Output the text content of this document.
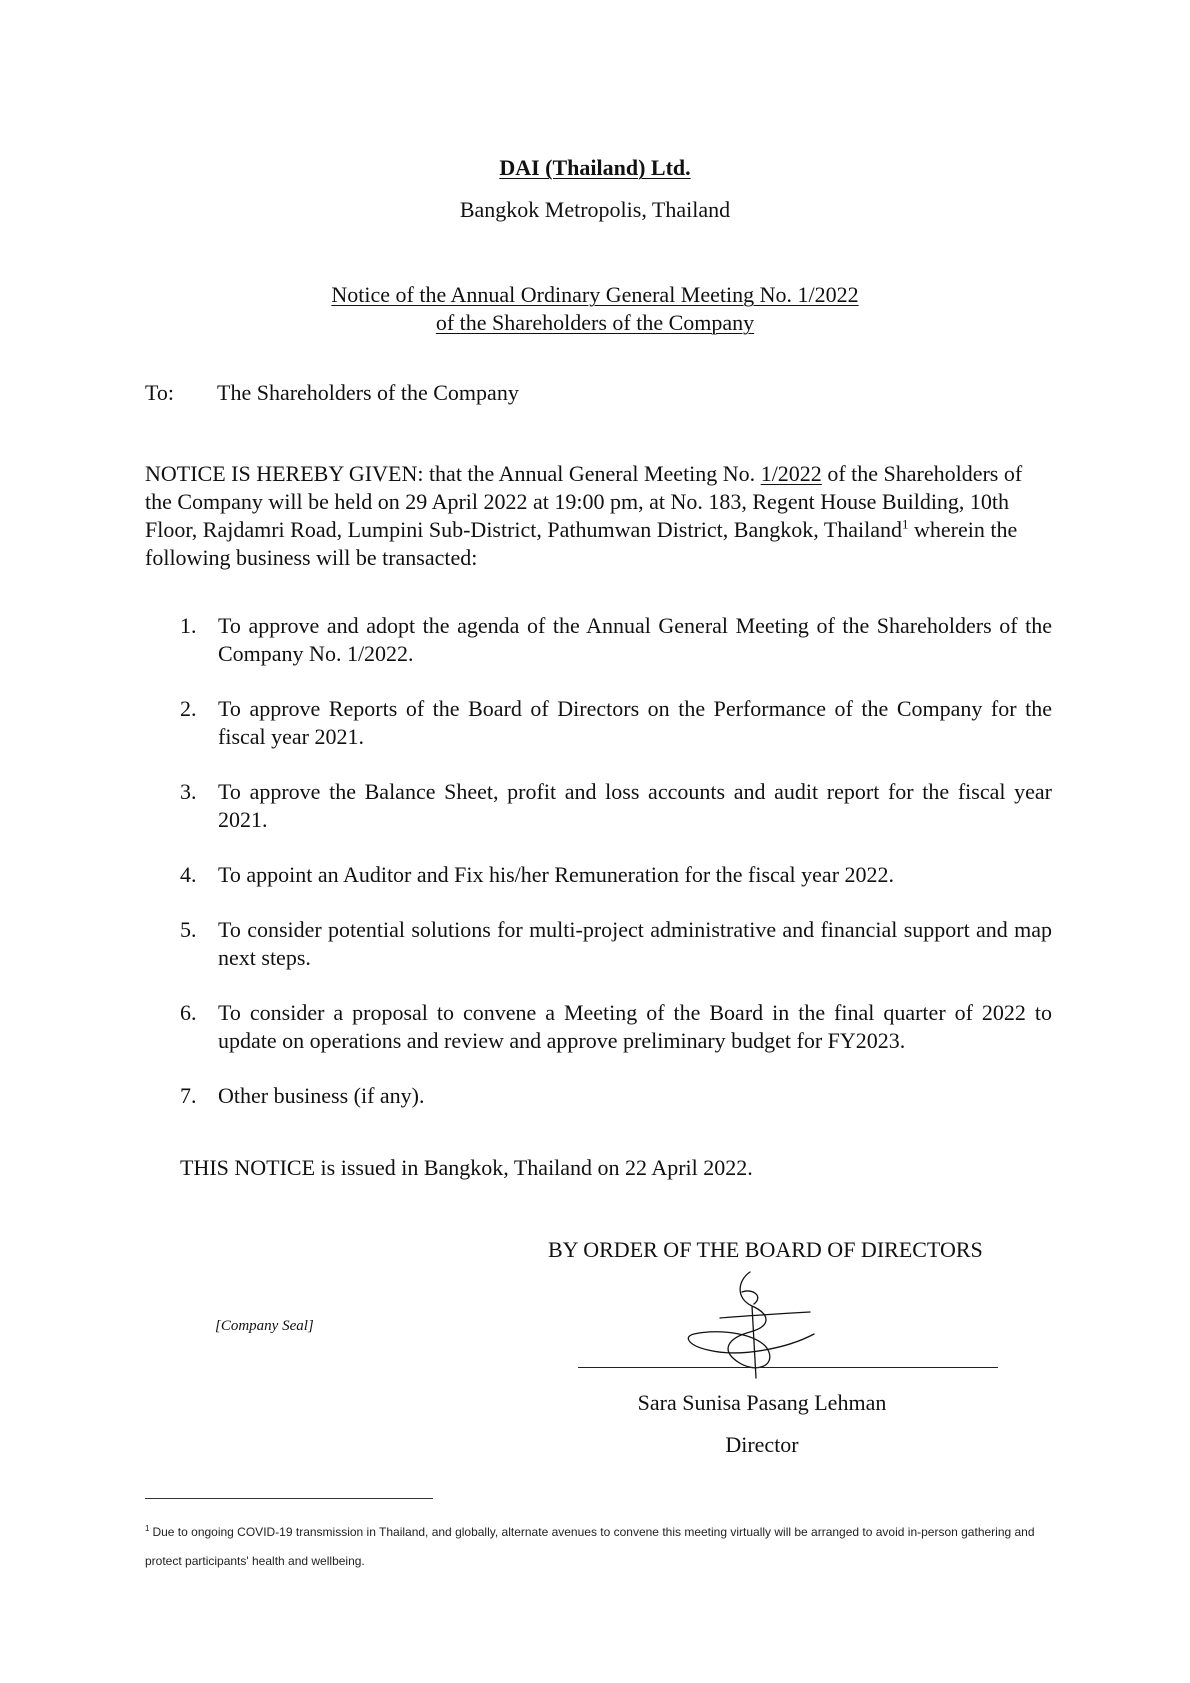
DAI (Thailand) Ltd.
Bangkok Metropolis, Thailand
Notice of the Annual Ordinary General Meeting No. 1/2022
of the Shareholders of the Company
To: The Shareholders of the Company
NOTICE IS HEREBY GIVEN: that the Annual General Meeting No. 1/2022 of the Shareholders of the Company will be held on 29 April 2022 at 19:00 pm, at No. 183, Regent House Building, 10th Floor, Rajdamri Road, Lumpini Sub-District, Pathumwan District, Bangkok, Thailand$^1$ wherein the following business will be transacted:
1. To approve and adopt the agenda of the Annual General Meeting of the Shareholders of the Company No. 1/2022.
2. To approve Reports of the Board of Directors on the Performance of the Company for the fiscal year 2021.
3. To approve the Balance Sheet, profit and loss accounts and audit report for the fiscal year 2021.
4. To appoint an Auditor and Fix his/her Remuneration for the fiscal year 2022.
5. To consider potential solutions for multi-project administrative and financial support and map next steps.
6. To consider a proposal to convene a Meeting of the Board in the final quarter of 2022 to update on operations and review and approve preliminary budget for FY2023.
7. Other business (if any).
THIS NOTICE is issued in Bangkok, Thailand on 22 April 2022.
BY ORDER OF THE BOARD OF DIRECTORS
[Company Seal]
Sara Sunisa Pasang Lehman
Director
$^1$ Due to ongoing COVID-19 transmission in Thailand, and globally, alternate avenues to convene this meeting virtually will be arranged to avoid in-person gathering and protect participants' health and wellbeing.
